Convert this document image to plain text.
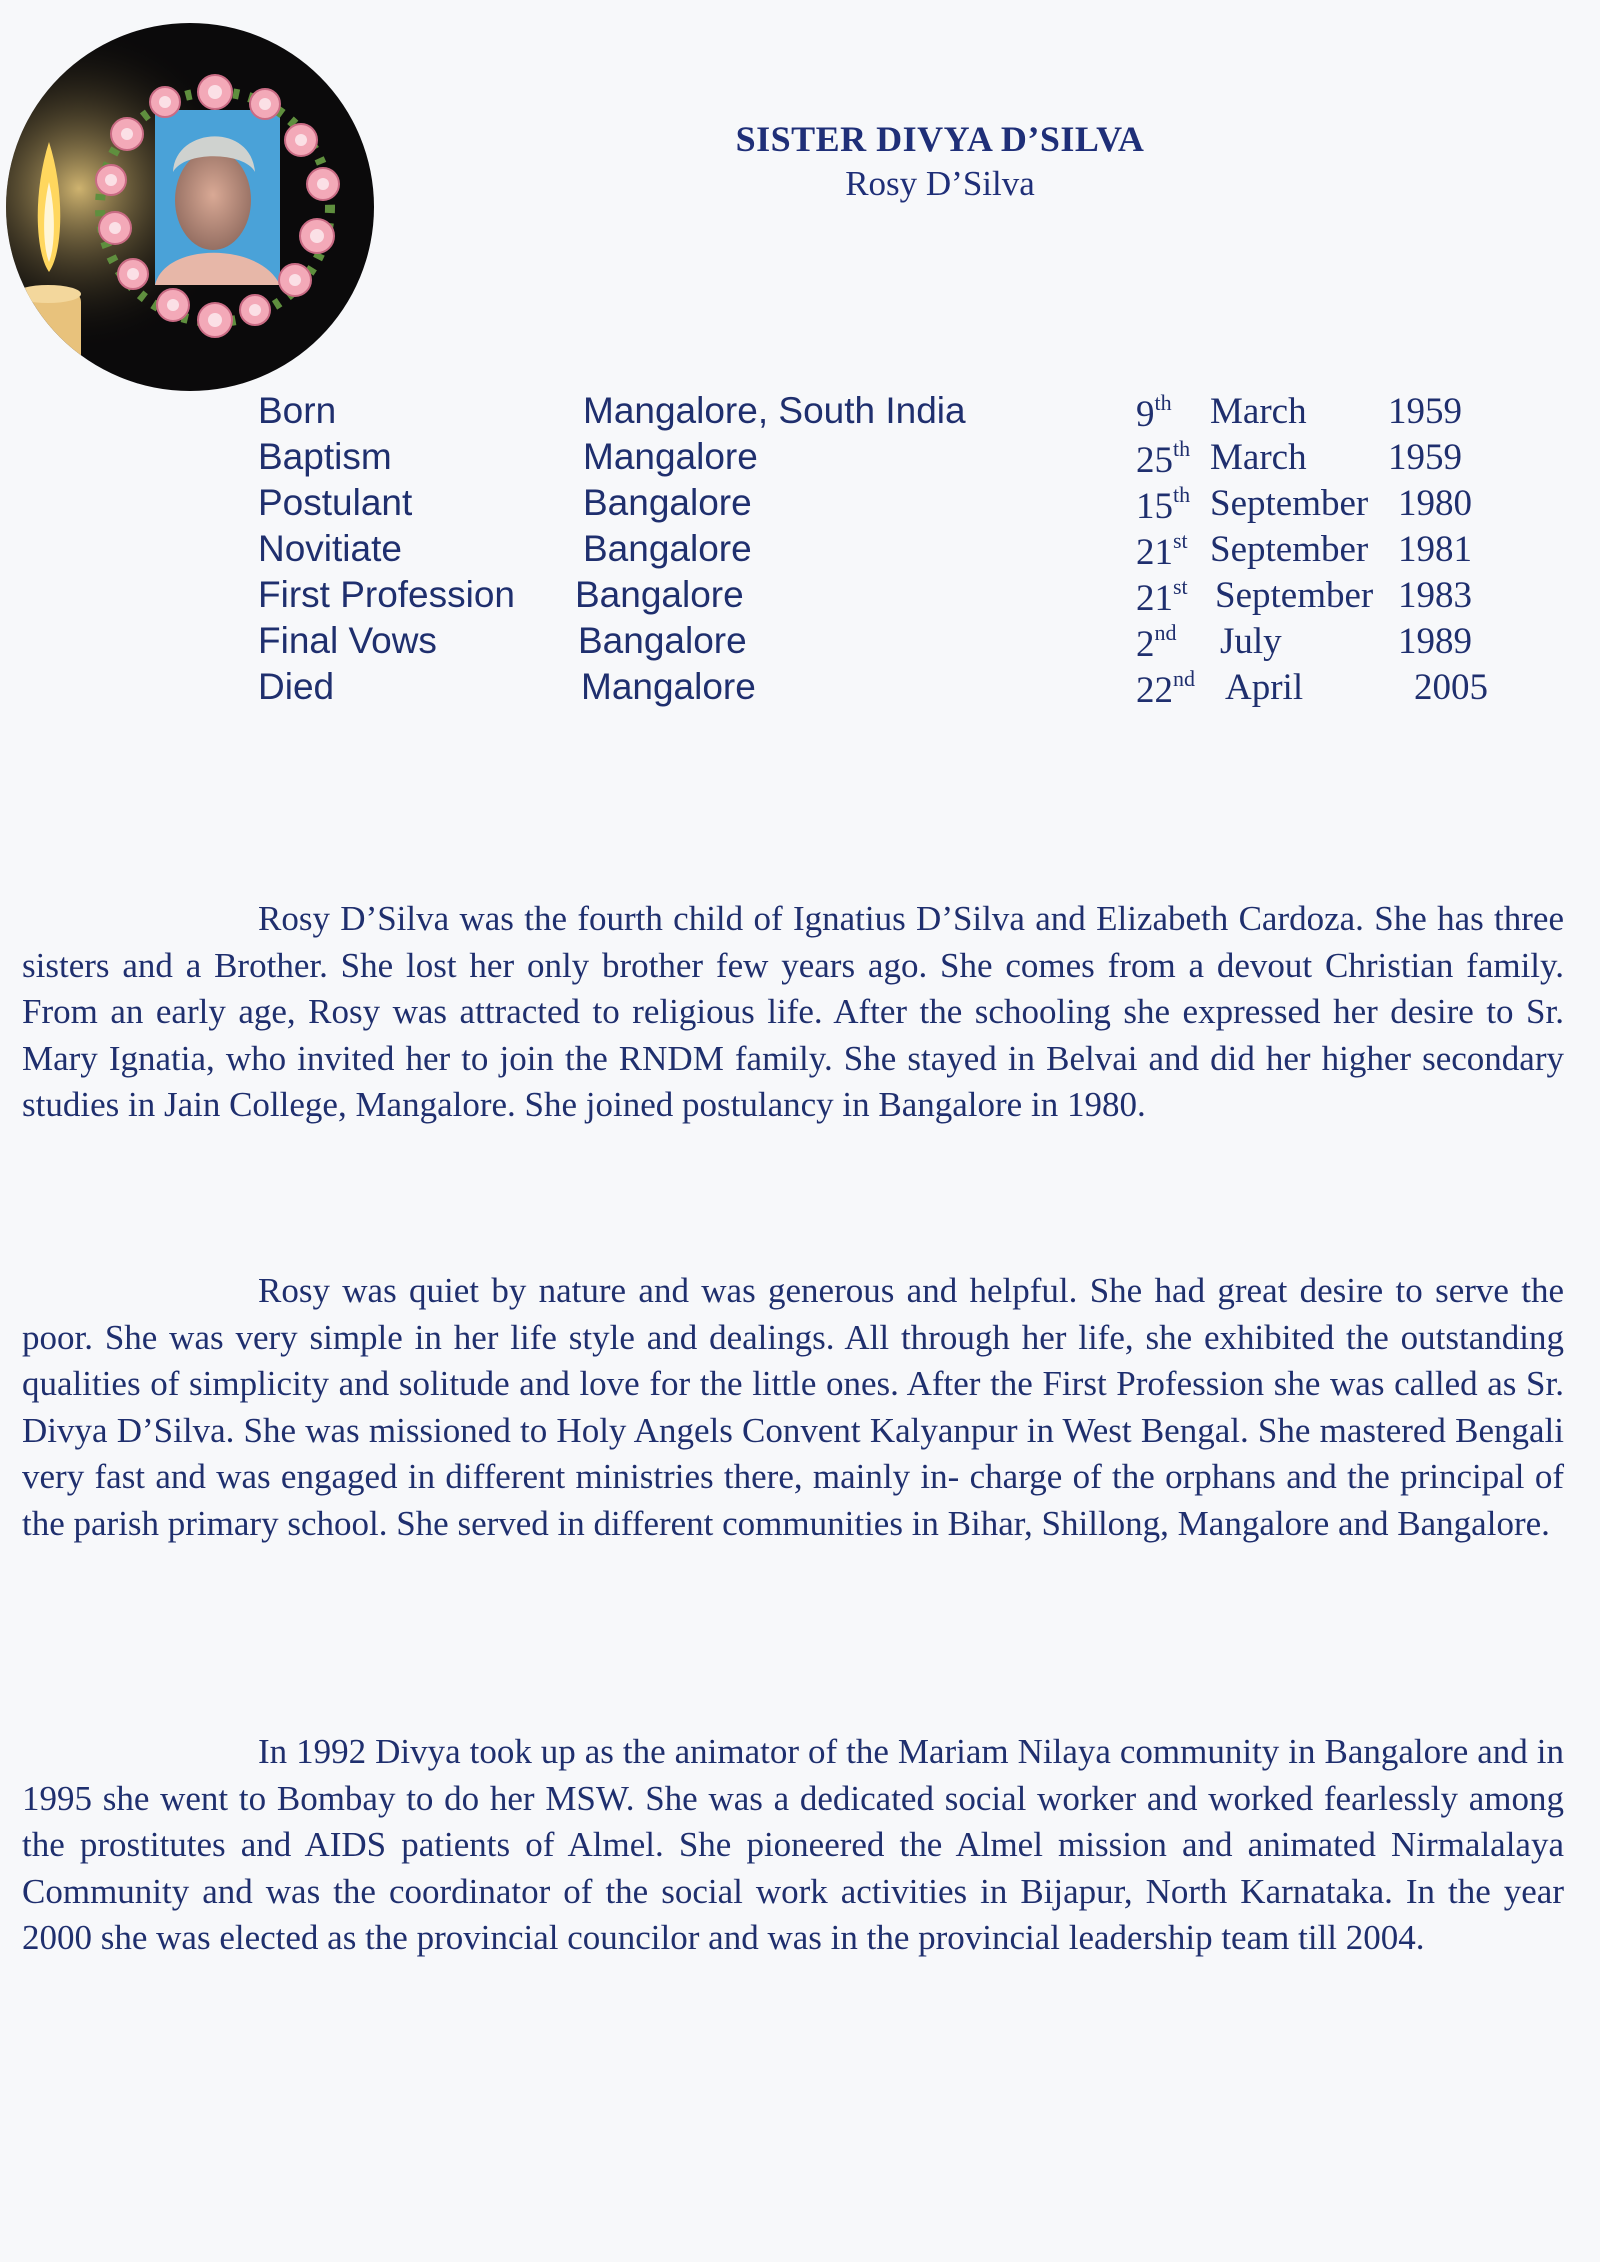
SISTER DIVYA D’SILVA
Rosy D’Silva
Born	Mangalore, South India	9th March 1959
Baptism	Mangalore	25th March 1959
Postulant	Bangalore	15th September 1980
Novitiate	Bangalore	21st September 1981
First Profession Bangalore	21st September 1983
Final Vows	Bangalore	2nd July	1989
Died	Mangalore	22nd April	2005
Rosy D’Silva was the fourth child of Ignatius D’Silva and Elizabeth Cardoza. She has three sisters and a Brother. She lost her only brother few years ago. She comes from a devout Christian family. From an early age, Rosy was attracted to religious life. After the schooling she expressed her desire to Sr. Mary Ignatia, who invited her to join the RNDM family. She stayed in Belvai and did her higher secondary studies in Jain College, Mangalore. She joined postulancy in Bangalore in 1980.
Rosy was quiet by nature and was generous and helpful. She had great desire to serve the poor. She was very simple in her life style and dealings. All through her life, she exhibited the outstanding qualities of simplicity and solitude and love for the little ones. After the First Profession she was called as Sr. Divya D’Silva. She was missioned to Holy Angels Convent Kalyanpur in West Bengal. She mastered Bengali very fast and was engaged in different ministries there, mainly in- charge of the orphans and the principal of the parish primary school. She served in different communities in Bihar, Shillong, Mangalore and Bangalore.
In 1992 Divya took up as the animator of the Mariam Nilaya community in Bangalore and in 1995 she went to Bombay to do her MSW. She was a dedicated social worker and worked fearlessly among the prostitutes and AIDS patients of Almel. She pioneered the Almel mission and animated Nirmalalaya Community and was the coordinator of the social work activities in Bijapur, North Karnataka. In the year 2000 she was elected as the provincial councilor and was in the provincial leadership team till 2004.
